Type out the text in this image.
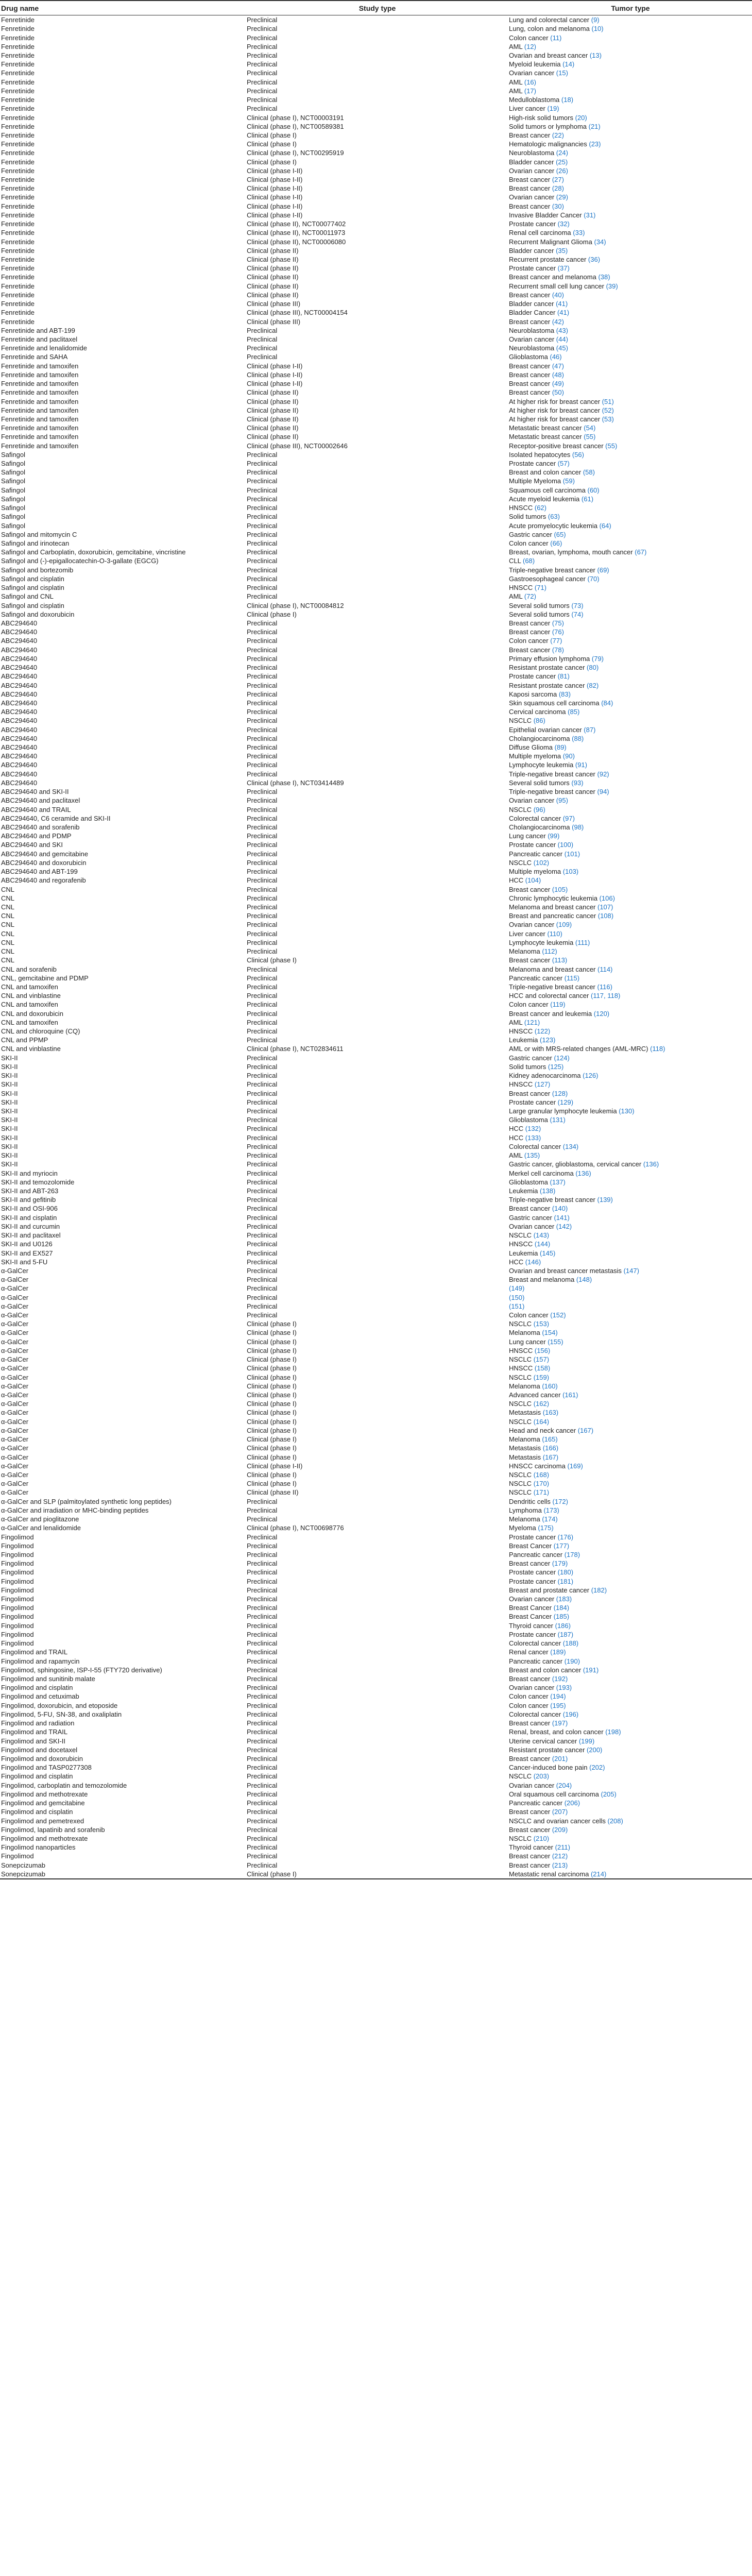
Drug name	Study type	Tumor type
Fenretinide	Preclinical	Lung and colorectal cancer (9)
Fenretinide	Preclinical	Lung, colon and melanoma (10)
Fenretinide	Preclinical	Colon cancer (11)
Fenretinide	Preclinical	AML (12)
Fenretinide	Preclinical	Ovarian and breast cancer (13)
Fenretinide	Preclinical	Myeloid leukemia (14)
Fenretinide	Preclinical	Ovarian cancer (15)
Fenretinide	Preclinical	AML (16)
Fenretinide	Preclinical	AML (17)
Fenretinide	Preclinical	Medulloblastoma (18)
Fenretinide	Preclinical	Liver cancer (19)
Fenretinide	Clinical (phase I), NCT00003191	High-risk solid tumors (20)
Fenretinide	Clinical (phase I), NCT00589381	Solid tumors or lymphoma (21)
Fenretinide	Clinical (phase I)	Breast cancer (22)
Fenretinide	Clinical (phase I)	Hematologic malignancies (23)
Fenretinide	Clinical (phase I), NCT00295919	Neuroblastoma (24)
Fenretinide	Clinical (phase I)	Bladder cancer (25)
Fenretinide	Clinical (phase I-II)	Ovarian cancer (26)
Fenretinide	Clinical (phase I-II)	Breast cancer (27)
Fenretinide	Clinical (phase I-II)	Breast cancer (28)
Fenretinide	Clinical (phase I-II)	Ovarian cancer (29)
Fenretinide	Clinical (phase I-II)	Breast cancer (30)
Fenretinide	Clinical (phase I-II)	Invasive Bladder Cancer (31)
Fenretinide	Clinical (phase II), NCT00077402	Prostate cancer (32)
Fenretinide	Clinical (phase II), NCT00011973	Renal cell carcinoma (33)
Fenretinide	Clinical (phase II), NCT00006080	Recurrent Malignant Glioma (34)
Fenretinide	Clinical (phase II)	Bladder cancer (35)
Fenretinide	Clinical (phase II)	Recurrent prostate cancer (36)
Fenretinide	Clinical (phase II)	Prostate cancer (37)
Fenretinide	Clinical (phase II)	Breast cancer and melanoma (38)
Fenretinide	Clinical (phase II)	Recurrent small cell lung cancer (39)
Fenretinide	Clinical (phase II)	Breast cancer (40)
Fenretinide	Clinical (phase III)	Bladder cancer (41)
Fenretinide	Clinical (phase III), NCT00004154	Bladder Cancer (41)
Fenretinide	Clinical (phase III)	Breast cancer (42)
Fenretinide and ABT-199	Preclinical	Neuroblastoma (43)
Fenretinide and paclitaxel	Preclinical	Ovarian cancer (44)
Fenretinide and lenalidomide	Preclinical	Neuroblastoma (45)
Fenretinide and SAHA	Preclinical	Glioblastoma (46)
Fenretinide and tamoxifen	Clinical (phase I-II)	Breast cancer (47)
Fenretinide and tamoxifen	Clinical (phase I-II)	Breast cancer (48)
Fenretinide and tamoxifen	Clinical (phase I-II)	Breast cancer (49)
Fenretinide and tamoxifen	Clinical (phase II)	Breast cancer (50)
Fenretinide and tamoxifen	Clinical (phase II)	At higher risk for breast cancer (51)
Fenretinide and tamoxifen	Clinical (phase II)	At higher risk for breast cancer (52)
Fenretinide and tamoxifen	Clinical (phase II)	At higher risk for breast cancer (53)
Fenretinide and tamoxifen	Clinical (phase II)	Metastatic breast cancer (54)
Fenretinide and tamoxifen	Clinical (phase II)	Metastatic breast cancer (55)
Fenretinide and tamoxifen	Clinical (phase III), NCT00002646	Receptor-positive breast cancer (55)
Safingol	Preclinical	Isolated hepatocytes (56)
Safingol	Preclinical	Prostate cancer (57)
Safingol	Preclinical	Breast and colon cancer (58)
Safingol	Preclinical	Multiple Myeloma (59)
Safingol	Preclinical	Squamous cell carcinoma (60)
Safingol	Preclinical	Acute myeloid leukemia (61)
Safingol	Preclinical	HNSCC (62)
Safingol	Preclinical	Solid tumors (63)
Safingol	Preclinical	Acute promyelocytic leukemia (64)
Safingol and mitomycin C	Preclinical	Gastric cancer (65)
Safingol and irinotecan	Preclinical	Colon cancer (66)
Safingol and Carboplatin, doxorubicin, gemcitabine, vincristine	Preclinical	Breast, ovarian, lymphoma, mouth cancer (67)
Safingol and (-)-epigallocatechin-O-3-gallate (EGCG)	Preclinical	CLL (68)
Safingol and bortezomib	Preclinical	Triple-negative breast cancer (69)
Safingol and cisplatin	Preclinical	Gastroesophageal cancer (70)
Safingol and cisplatin	Preclinical	HNSCC (71)
Safingol and CNL	Preclinical	AML (72)
Safingol and cisplatin	Clinical (phase I), NCT00084812	Several solid tumors (73)
Safingol and doxorubicin	Clinical (phase I)	Several solid tumors (74)
ABC294640	Preclinical	Breast cancer (75)
ABC294640	Preclinical	Breast cancer (76)
ABC294640	Preclinical	Colon cancer (77)
ABC294640	Preclinical	Breast cancer (78)
ABC294640	Preclinical	Primary effusion lymphoma (79)
ABC294640	Preclinical	Resistant prostate cancer (80)
ABC294640	Preclinical	Prostate cancer (81)
ABC294640	Preclinical	Resistant prostate cancer (82)
ABC294640	Preclinical	Kaposi sarcoma (83)
ABC294640	Preclinical	Skin squamous cell carcinoma (84)
ABC294640	Preclinical	Cervical carcinoma (85)
ABC294640	Preclinical	NSCLC (86)
ABC294640	Preclinical	Epithelial ovarian cancer (87)
ABC294640	Preclinical	Cholangiocarcinoma (88)
ABC294640	Preclinical	Diffuse Glioma (89)
ABC294640	Preclinical	Multiple myeloma (90)
ABC294640	Preclinical	Lymphocyte leukemia (91)
ABC294640	Preclinical	Triple-negative breast cancer (92)
ABC294640	Clinical (phase I), NCT03414489	Several solid tumors (93)
ABC294640 and SKI-II	Preclinical	Triple-negative breast cancer (94)
ABC294640 and paclitaxel	Preclinical	Ovarian cancer (95)
ABC294640 and TRAIL	Preclinical	NSCLC (96)
ABC294640, C6 ceramide and SKI-II	Preclinical	Colorectal cancer (97)
ABC294640 and sorafenib	Preclinical	Cholangiocarcinoma (98)
ABC294640 and PDMP	Preclinical	Lung cancer (99)
ABC294640 and SKI	Preclinical	Prostate cancer (100)
ABC294640 and gemcitabine	Preclinical	Pancreatic cancer (101)
ABC294640 and doxorubicin	Preclinical	NSCLC (102)
ABC294640 and ABT-199	Preclinical	Multiple myeloma (103)
ABC294640 and regorafenib	Preclinical	HCC (104)
CNL	Preclinical	Breast cancer (105)
CNL	Preclinical	Chronic lymphocytic leukemia (106)
CNL	Preclinical	Melanoma and breast cancer (107)
CNL	Preclinical	Breast and pancreatic cancer (108)
CNL	Preclinical	Ovarian cancer (109)
CNL	Preclinical	Liver cancer (110)
CNL	Preclinical	Lymphocyte leukemia (111)
CNL	Preclinical	Melanoma (112)
CNL	Clinical (phase I)	Breast cancer (113)
CNL and sorafenib	Preclinical	Melanoma and breast cancer (114)
CNL, gemcitabine and PDMP	Preclinical	Pancreatic cancer (115)
CNL and tamoxifen	Preclinical	Triple-negative breast cancer (116)
CNL and vinblastine	Preclinical	HCC and colorectal cancer (117, 118)
CNL and tamoxifen	Preclinical	Colon cancer (119)
CNL and doxorubicin	Preclinical	Breast cancer and leukemia (120)
CNL and tamoxifen	Preclinical	AML (121)
CNL and chloroquine (CQ)	Preclinical	HNSCC (122)
CNL and PPMP	Preclinical	Leukemia (123)
CNL and vinblastine	Clinical (phase I), NCT02834611	AML or with MRS-related changes (AML-MRC) (118)
SKI-II	Preclinical	Gastric cancer (124)
SKI-II	Preclinical	Solid tumors (125)
SKI-II	Preclinical	Kidney adenocarcinoma (126)
SKI-II	Preclinical	HNSCC (127)
SKI-II	Preclinical	Breast cancer (128)
SKI-II	Preclinical	Prostate cancer (129)
SKI-II	Preclinical	Large granular lymphocyte leukemia (130)
SKI-II	Preclinical	Glioblastoma (131)
SKI-II	Preclinical	HCC (132)
SKI-II	Preclinical	HCC (133)
SKI-II	Preclinical	Colorectal cancer (134)
SKI-II	Preclinical	AML (135)
SKI-II	Preclinical	Gastric cancer, glioblastoma, cervical cancer (136)
SKI-II and myriocin	Preclinical	Merkel cell carcinoma (136)
SKI-II and temozolomide	Preclinical	Glioblastoma (137)
SKI-II and ABT-263	Preclinical	Leukemia (138)
SKI-II and gefitinib	Preclinical	Triple-negative breast cancer (139)
SKI-II and OSI-906	Preclinical	Breast cancer (140)
SKI-II and cisplatin	Preclinical	Gastric cancer (141)
SKI-II and curcumin	Preclinical	Ovarian cancer (142)
SKI-II and paclitaxel	Preclinical	NSCLC (143)
SKI-II and U0126	Preclinical	HNSCC (144)
SKI-II and EX527	Preclinical	Leukemia (145)
SKI-II and 5-FU	Preclinical	HCC (146)
α-GalCer	Preclinical	Ovarian and breast cancer metastasis (147)
α-GalCer	Preclinical	Breast and melanoma (148)
α-GalCer	Preclinical	(149)
α-GalCer	Preclinical	(150)
α-GalCer	Preclinical	(151)
α-GalCer	Preclinical	Colon cancer (152)
α-GalCer	Clinical (phase I)	NSCLC (153)
α-GalCer	Clinical (phase I)	Melanoma (154)
α-GalCer	Clinical (phase I)	Lung cancer (155)
α-GalCer	Clinical (phase I)	HNSCC (156)
α-GalCer	Clinical (phase I)	NSCLC (157)
α-GalCer	Clinical (phase I)	HNSCC (158)
α-GalCer	Clinical (phase I)	NSCLC (159)
α-GalCer	Clinical (phase I)	Melanoma (160)
α-GalCer	Clinical (phase I)	Advanced cancer (161)
α-GalCer	Clinical (phase I)	NSCLC (162)
α-GalCer	Clinical (phase I)	Metastasis (163)
α-GalCer	Clinical (phase I)	NSCLC (164)
α-GalCer	Clinical (phase I)	Head and neck cancer (167)
α-GalCer	Clinical (phase I)	Melanoma (165)
α-GalCer	Clinical (phase I)	Metastasis (166)
α-GalCer	Clinical (phase I)	Metastasis (167)
α-GalCer	Clinical (phase I-II)	HNSCC carcinoma (169)
α-GalCer	Clinical (phase I)	NSCLC (168)
α-GalCer	Clinical (phase I)	NSCLC (170)
α-GalCer	Clinical (phase II)	NSCLC (171)
α-GalCer and SLP (palmitoylated synthetic long peptides)	Preclinical	Dendritic cells (172)
α-GalCer and irradiation or MHC-binding peptides	Preclinical	Lymphoma (173)
α-GalCer and pioglitazone	Preclinical	Melanoma (174)
α-GalCer and lenalidomide	Clinical (phase I), NCT00698776	Myeloma (175)
Fingolimod	Preclinical	Prostate cancer (176)
Fingolimod	Preclinical	Breast Cancer (177)
Fingolimod	Preclinical	Pancreatic cancer (178)
Fingolimod	Preclinical	Breast cancer (179)
Fingolimod	Preclinical	Prostate cancer (180)
Fingolimod	Preclinical	Prostate cancer (181)
Fingolimod	Preclinical	Breast and prostate cancer (182)
Fingolimod	Preclinical	Ovarian cancer (183)
Fingolimod	Preclinical	Breast Cancer (184)
Fingolimod	Preclinical	Breast Cancer (185)
Fingolimod	Preclinical	Thyroid cancer (186)
Fingolimod	Preclinical	Prostate cancer (187)
Fingolimod	Preclinical	Colorectal cancer (188)
Fingolimod and TRAIL	Preclinical	Renal cancer (189)
Fingolimod and rapamycin	Preclinical	Pancreatic cancer (190)
Fingolimod, sphingosine, ISP-I-55 (FTY720 derivative)	Preclinical	Breast and colon cancer (191)
Fingolimod and sunitinib malate	Preclinical	Breast cancer (192)
Fingolimod and cisplatin	Preclinical	Ovarian cancer (193)
Fingolimod and cetuximab	Preclinical	Colon cancer (194)
Fingolimod, doxorubicin, and etoposide	Preclinical	Colon cancer (195)
Fingolimod, 5-FU, SN-38, and oxaliplatin	Preclinical	Colorectal cancer (196)
Fingolimod and radiation	Preclinical	Breast cancer (197)
Fingolimod and TRAIL	Preclinical	Renal, breast, and colon cancer (198)
Fingolimod and SKI-II	Preclinical	Uterine cervical cancer (199)
Fingolimod and docetaxel	Preclinical	Resistant prostate cancer (200)
Fingolimod and doxorubicin	Preclinical	Breast cancer (201)
Fingolimod and TASP0277308	Preclinical	Cancer-induced bone pain (202)
Fingolimod and cisplatin	Preclinical	NSCLC (203)
Fingolimod, carboplatin and temozolomide	Preclinical	Ovarian cancer (204)
Fingolimod and methotrexate	Preclinical	Oral squamous cell carcinoma (205)
Fingolimod and gemcitabine	Preclinical	Pancreatic cancer (206)
Fingolimod and cisplatin	Preclinical	Breast cancer (207)
Fingolimod and pemetrexed	Preclinical	NSCLC and ovarian cancer cells (208)
Fingolimod, lapatinib and sorafenib	Preclinical	Breast cancer (209)
Fingolimod and methotrexate	Preclinical	NSCLC (210)
Fingolimod nanoparticles	Preclinical	Thyroid cancer (211)
Fingolimod	Preclinical	Breast cancer (212)
Sonepcizumab	Preclinical	Breast cancer (213)
Sonepcizumab	Clinical (phase I)	Metastatic renal carcinoma (214)
